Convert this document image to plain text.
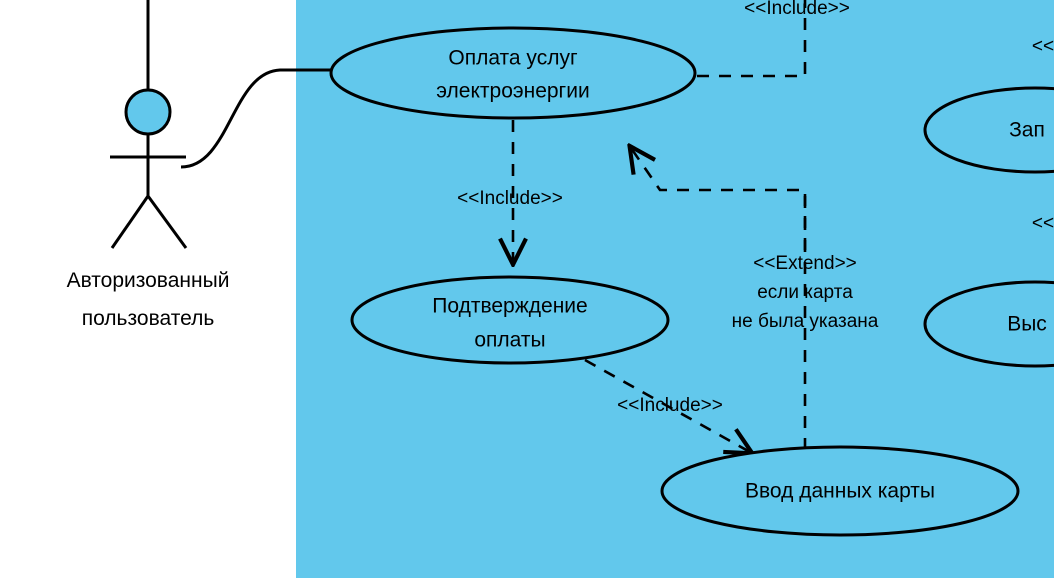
Авторизованный
пользователь
Оплата услуг
электроэнергии
Подтверждение
оплаты
Ввод данных карты
Зап
Выс
<<Include>>
<<Include>>
<<Include>>
<<Extend>>
если карта
не была указана
<<
<<
